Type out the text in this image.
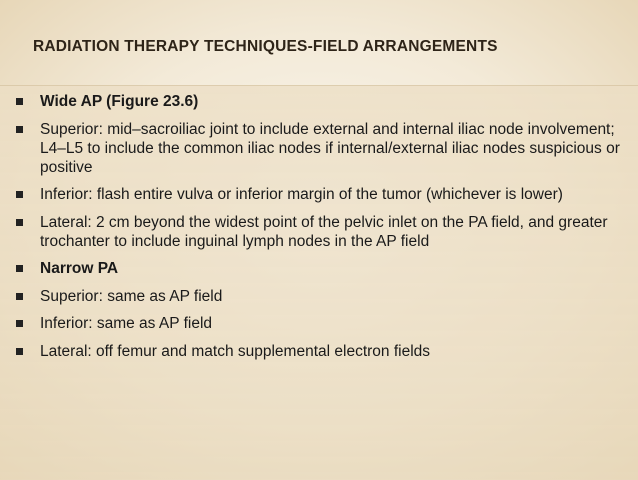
RADIATION THERAPY TECHNIQUES-FIELD ARRANGEMENTS
Wide AP (Figure 23.6)
Superior: mid–sacroiliac joint to include external and internal iliac node involvement; L4–L5 to include the common iliac nodes if internal/external iliac nodes suspicious or positive
Inferior: flash entire vulva or inferior margin of the tumor (whichever is lower)
Lateral: 2 cm beyond the widest point of the pelvic inlet on the PA field, and greater trochanter to include inguinal lymph nodes in the AP field
Narrow PA
Superior: same as AP field
Inferior: same as AP field
Lateral: off femur and match supplemental electron fields
